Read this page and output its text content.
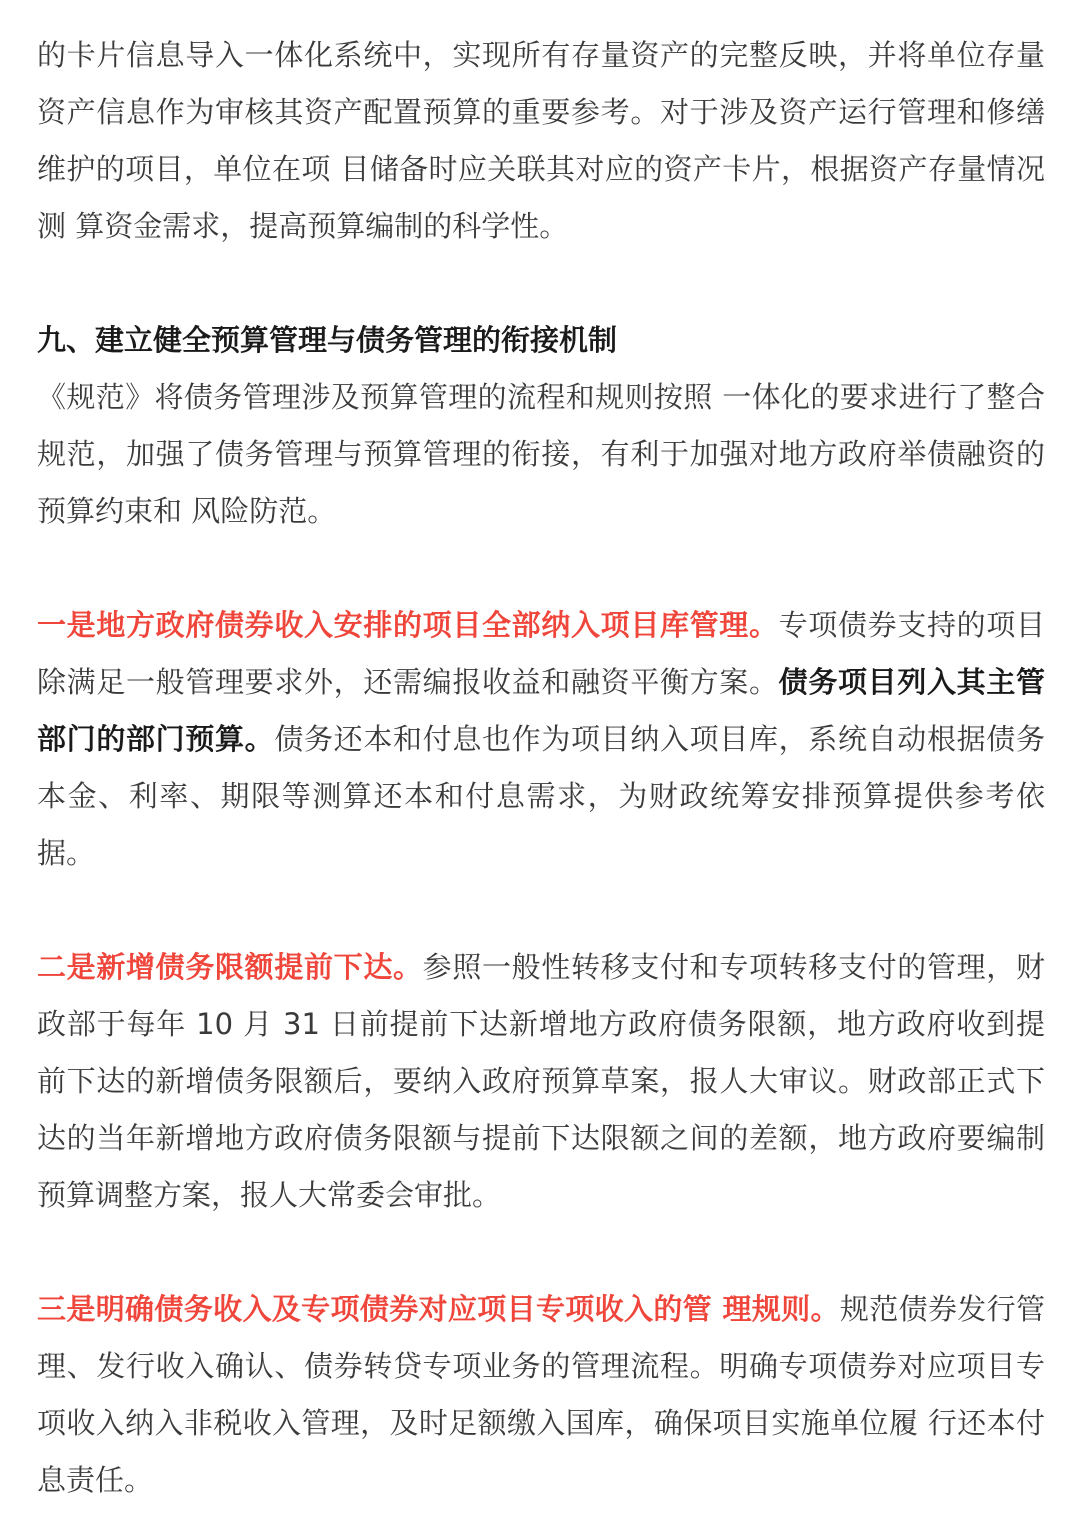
的卡片信息导入一体化系统中，实现所有存量资产的完整反映，并将单位存量资产信息作为审核其资产配置预算的重要参考。对于涉及资产运行管理和修缮维护的项目，单位在项 目储备时应关联其对应的资产卡片，根据资产存量情况测 算资金需求，提高预算编制的科学性。

九、建立健全预算管理与债务管理的衔接机制

《规范》将债务管理涉及预算管理的流程和规则按照 一体化的要求进行了整合规范，加强了债务管理与预算管理的衔接，有利于加强对地方政府举债融资的预算约束和 风险防范。

一是地方政府债券收入安排的项目全部纳入项目库管理。专项债券支持的项目除满足一般管理要求外，还需编报收益和融资平衡方案。债务项目列入其主管部门的部门预算。债务还本和付息也作为项目纳入项目库，系统自动根据债务本金、利率、期限等测算还本和付息需求，为财政统筹安排预算提供参考依据。

二是新增债务限额提前下达。参照一般性转移支付和专项转移支付的管理，财政部于每年 10 月 31 日前提前下达新增地方政府债务限额，地方政府收到提前下达的新增债务限额后，要纳入政府预算草案，报人大审议。财政部正式下达的当年新增地方政府债务限额与提前下达限额之间的差额，地方政府要编制预算调整方案，报人大常委会审批。

三是明确债务收入及专项债券对应项目专项收入的管 理规则。规范债券发行管理、发行收入确认、债券转贷专项业务的管理流程。明确专项债券对应项目专项收入纳入非税收入管理，及时足额缴入国库，确保项目实施单位履 行还本付息责任。
